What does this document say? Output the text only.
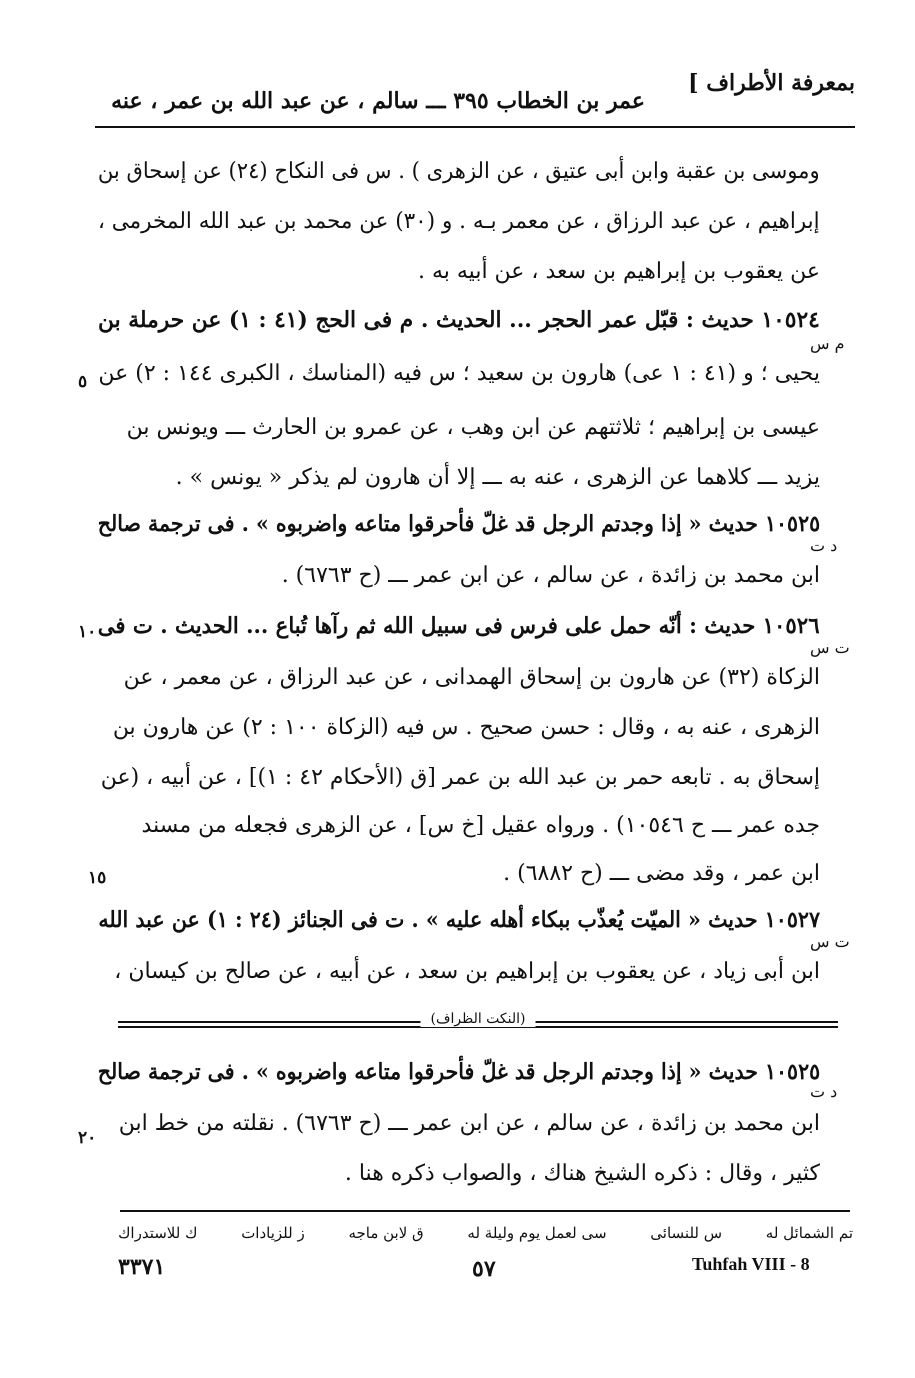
بمعرفة الأطراف ]
عمر بن الخطاب ٣٩٥ ـــ سالم ، عن عبد الله بن عمر ، عنه
وموسى بن عقبة وابن أبى عتيق ، عن الزهرى ) . س فى النكاح (٢٤) عن إسحاق بن
إبراهيم ، عن عبد الرزاق ، عن معمر بـه . و (٣٠) عن محمد بن عبد الله المخرمى ،
عن يعقوب بن إبراهيم بن سعد ، عن أبيه به .
١٠٥٢٤ حديث : قبّل عمر الحجر ... الحديث . م فى الحج (٤١ : ١) عن حرملة بن
يحيى ؛ و (٤١ : ١ عى) هارون بن سعيد ؛ س فيه (المناسك ، الكبرى ١٤٤ : ٢) عن
عيسى بن إبراهيم ؛ ثلاثتهم عن ابن وهب ، عن عمرو بن الحارث ـــ ويونس بن
يزيد ـــ كلاهما عن الزهرى ، عنه به ـــ إلا أن هارون لم يذكر « يونس » .
١٠٥٢٥ حديث « إذا وجدتم الرجل قد غلّ فأحرقوا متاعه واضربوه » . فى ترجمة صالح
ابن محمد بن زائدة ، عن سالم ، عن ابن عمر ـــ (ح ٦٧٦٣) .
١٠٥٢٦ حديث : أنّه حمل على فرس فى سبيل الله ثم رآها تُباع ... الحديث . ت فى
الزكاة (٣٢) عن هارون بن إسحاق الهمدانى ، عن عبد الرزاق ، عن معمر ، عن
الزهرى ، عنه به ، وقال : حسن صحيح . س فيه (الزكاة ١٠٠ : ٢) عن هارون بن
إسحاق به . تابعه حمر بن عبد الله بن عمر [ق (الأحكام ٤٢ : ١)] ، عن أبيه ، (عن
جده عمر ـــ ح ١٠٥٤٦) . ورواه عقيل [خ س] ، عن الزهرى فجعله من مسند
ابن عمر ، وقد مضى ـــ (ح ٦٨٨٢) .
١٠٥٢٧ حديث « الميّت يُعذّب ببكاء أهله عليه » . ت فى الجنائز (٢٤ : ١) عن عبد الله
ابن أبى زياد ، عن يعقوب بن إبراهيم بن سعد ، عن أبيه ، عن صالح بن كيسان ،
١٠٥٢٥ حديث « إذا وجدتم الرجل قد غلّ فأحرقوا متاعه واضربوه » . فى ترجمة صالح
ابن محمد بن زائدة ، عن سالم ، عن ابن عمر ـــ (ح ٦٧٦٣) . نقلته من خط ابن
كثير ، وقال : ذكره الشيخ هناك ، والصواب ذكره هنا .
م س
د ت
ت س
ت س
د ت
٥
١٠
١٥
٢٠
(النكت الظراف)
تم الشمائل له
س للنسائى
سى لعمل يوم وليلة له
ق لابن ماجه
ز للزيادات
ك للاستدراك
٣٣٧١	٥٧	Tuhfah VIII - 8
